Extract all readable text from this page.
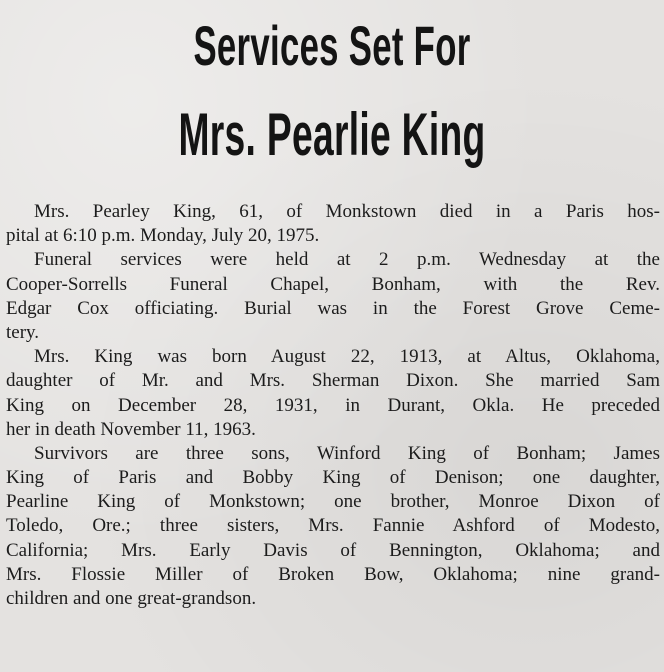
Services Set For
Mrs. Pearlie King
Mrs. Pearley King, 61, of Monkstown died in a Paris hos-
pital at 6:10 p.m. Monday, July 20, 1975.
Funeral services were held at 2 p.m. Wednesday at the
Cooper-Sorrells Funeral Chapel, Bonham, with the Rev.
Edgar Cox officiating. Burial was in the Forest Grove Ceme-
tery.
Mrs. King was born August 22, 1913, at Altus, Oklahoma,
daughter of Mr. and Mrs. Sherman Dixon. She married Sam
King on December 28, 1931, in Durant, Okla. He preceded
her in death November 11, 1963.
Survivors are three sons, Winford King of Bonham; James
King of Paris and Bobby King of Denison; one daughter,
Pearline King of Monkstown; one brother, Monroe Dixon of
Toledo, Ore.; three sisters, Mrs. Fannie Ashford of Modesto,
California; Mrs. Early Davis of Bennington, Oklahoma; and
Mrs. Flossie Miller of Broken Bow, Oklahoma; nine grand-
children and one great-grandson.
